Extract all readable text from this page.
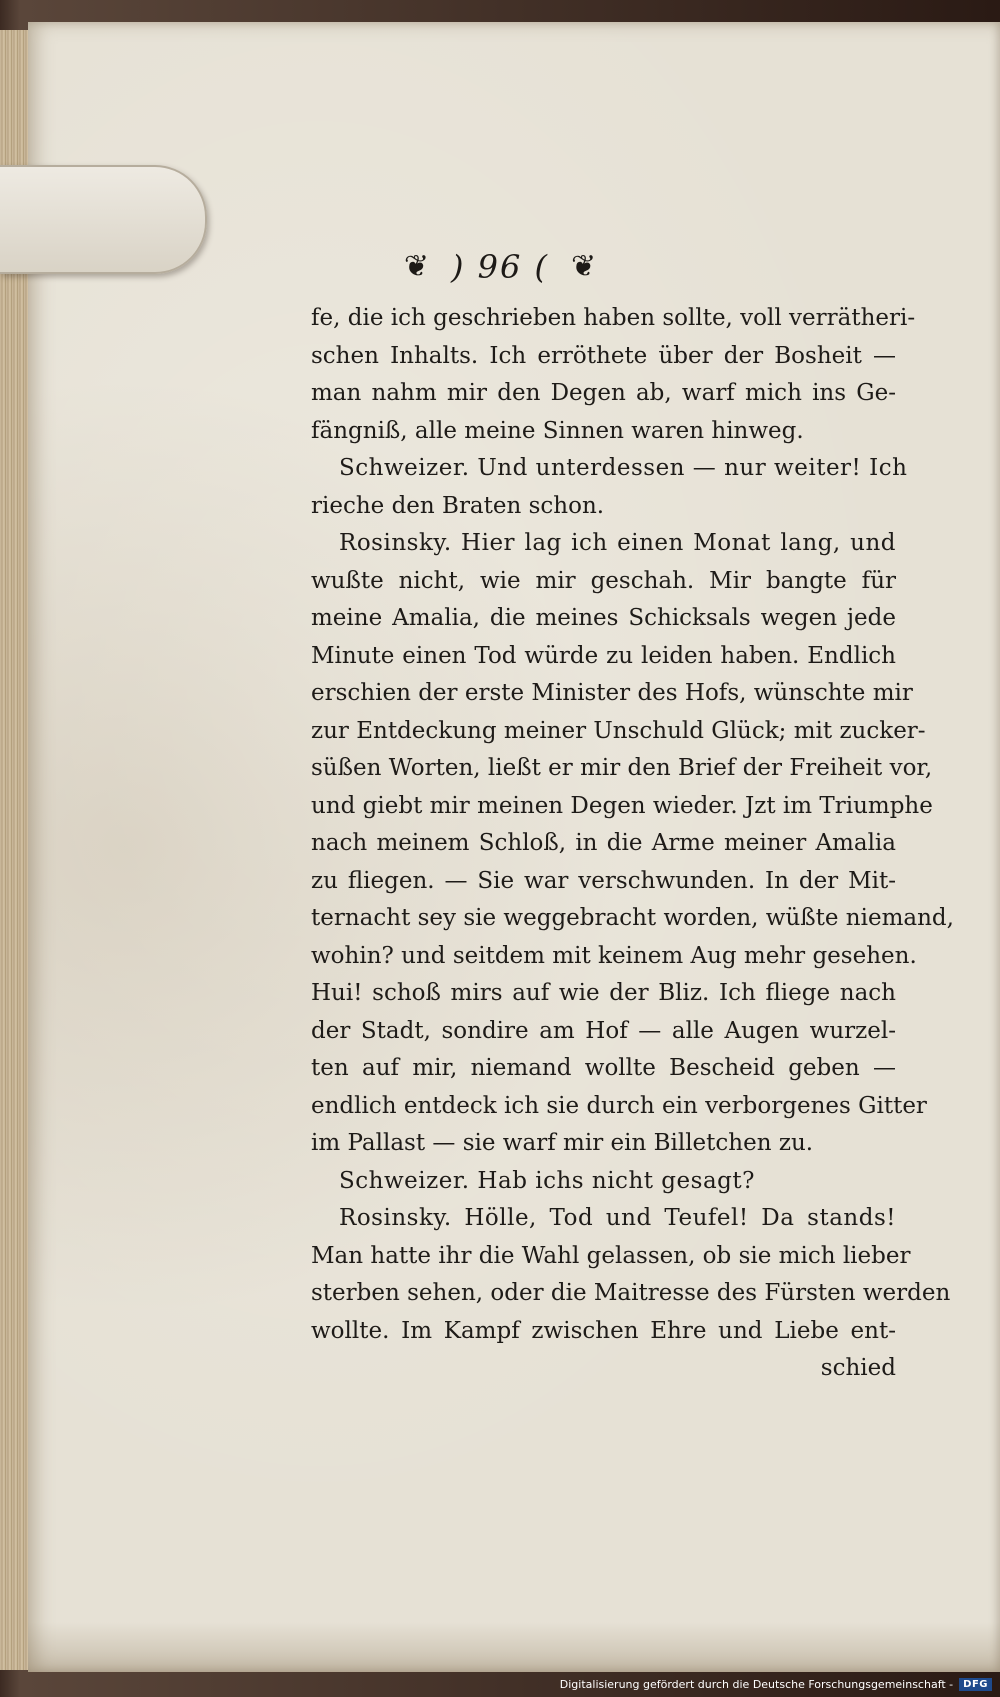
❦ ) 96 ( ❦
fe, die ich geschrieben haben sollte, voll verrätheri-
schen Inhalts. Ich erröthete über der Bosheit —
man nahm mir den Degen ab, warf mich ins Ge-
fängniß, alle meine Sinnen waren hinweg.
Schweizer. Und unterdessen — nur weiter! Ich
rieche den Braten schon.
Rosinsky. Hier lag ich einen Monat lang, und
wußte nicht, wie mir geschah. Mir bangte für
meine Amalia, die meines Schicksals wegen jede
Minute einen Tod würde zu leiden haben. Endlich
erschien der erste Minister des Hofs, wünschte mir
zur Entdeckung meiner Unschuld Glück; mit zucker-
süßen Worten, ließt er mir den Brief der Freiheit vor,
und giebt mir meinen Degen wieder. Jzt im Triumphe
nach meinem Schloß, in die Arme meiner Amalia
zu fliegen. — Sie war verschwunden. In der Mit-
ternacht sey sie weggebracht worden, wüßte niemand,
wohin? und seitdem mit keinem Aug mehr gesehen.
Hui! schoß mirs auf wie der Bliz. Ich fliege nach
der Stadt, sondire am Hof — alle Augen wurzel-
ten auf mir, niemand wollte Bescheid geben —
endlich entdeck ich sie durch ein verborgenes Gitter
im Pallast — sie warf mir ein Billetchen zu.
Schweizer. Hab ichs nicht gesagt?
Rosinsky. Hölle, Tod und Teufel! Da stands!
Man hatte ihr die Wahl gelassen, ob sie mich lieber
sterben sehen, oder die Maitresse des Fürsten werden
wollte. Im Kampf zwischen Ehre und Liebe ent-
schied
Digitalisierung gefördert durch die Deutsche Forschungsgemeinschaft -	DFG
